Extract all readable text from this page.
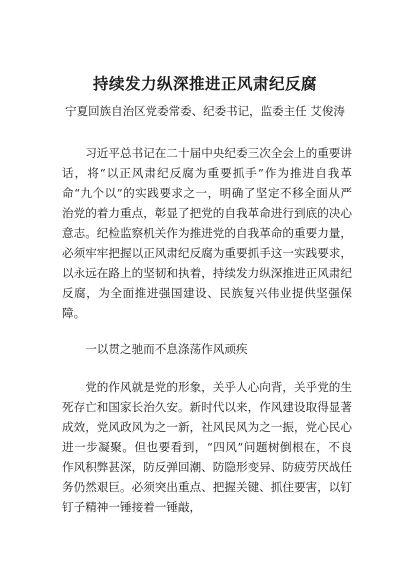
持续发力纵深推进正风肃纪反腐

宁夏回族自治区党委常委、纪委书记，监委主任 艾俊涛

习近平总书记在二十届中央纪委三次全会上的重要讲话，将“以正风肃纪反腐为重要抓手”作为推进自我革命“九个以”的实践要求之一，明确了坚定不移全面从严治党的着力重点，彰显了把党的自我革命进行到底的决心意志。纪检监察机关作为推进党的自我革命的重要力量，必须牢牢把握以正风肃纪反腐为重要抓手这一实践要求，以永远在路上的坚韧和执着，持续发力纵深推进正风肃纪反腐，为全面推进强国建设、民族复兴伟业提供坚强保障。

一以贯之驰而不息涤荡作风顽疾

党的作风就是党的形象，关乎人心向背，关乎党的生死存亡和国家长治久安。新时代以来，作风建设取得显著成效，党风政风为之一新，社风民风为之一振，党心民心进一步凝聚。但也要看到，“四风”问题树倒根在，不良作风积弊甚深，防反弹回潮、防隐形变异、防疲劳厌战任务仍然艰巨。必须突出重点、把握关键、抓住要害，以钉钉子精神一锤接着一锤敲，
